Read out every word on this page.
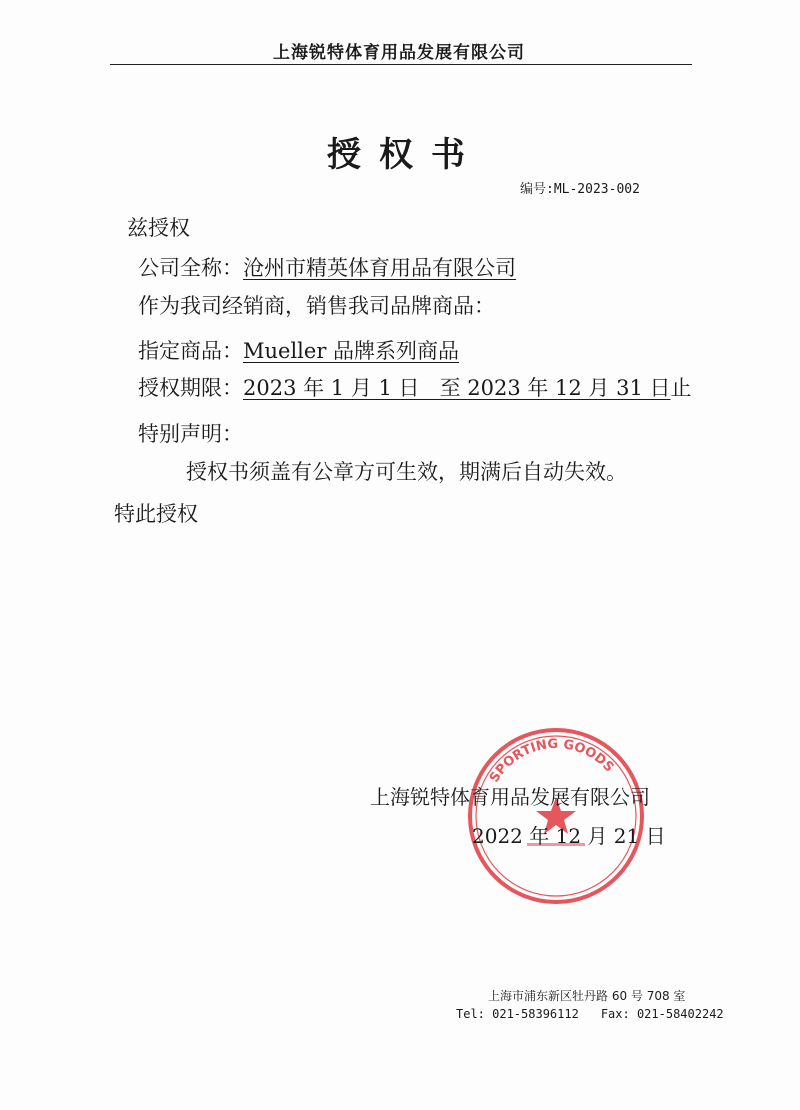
上海锐特体育用品发展有限公司
授权书
编号:ML-2023-002
兹授权
公司全称：沧州市精英体育用品有限公司
作为我司经销商，销售我司品牌商品：
指定商品：Mueller 品牌系列商品
授权期限：2023 年 1 月 1 日   至 2023 年 12 月 31 日止
特别声明：
授权书须盖有公章方可生效，期满后自动失效。
特此授权
SPORTING GOODS
上海锐特体育用品发展有限公司
2022 年 12 月 21 日
上海市浦东新区牡丹路 60 号 708 室
Tel: 021-58396112 Fax: 021-58402242
